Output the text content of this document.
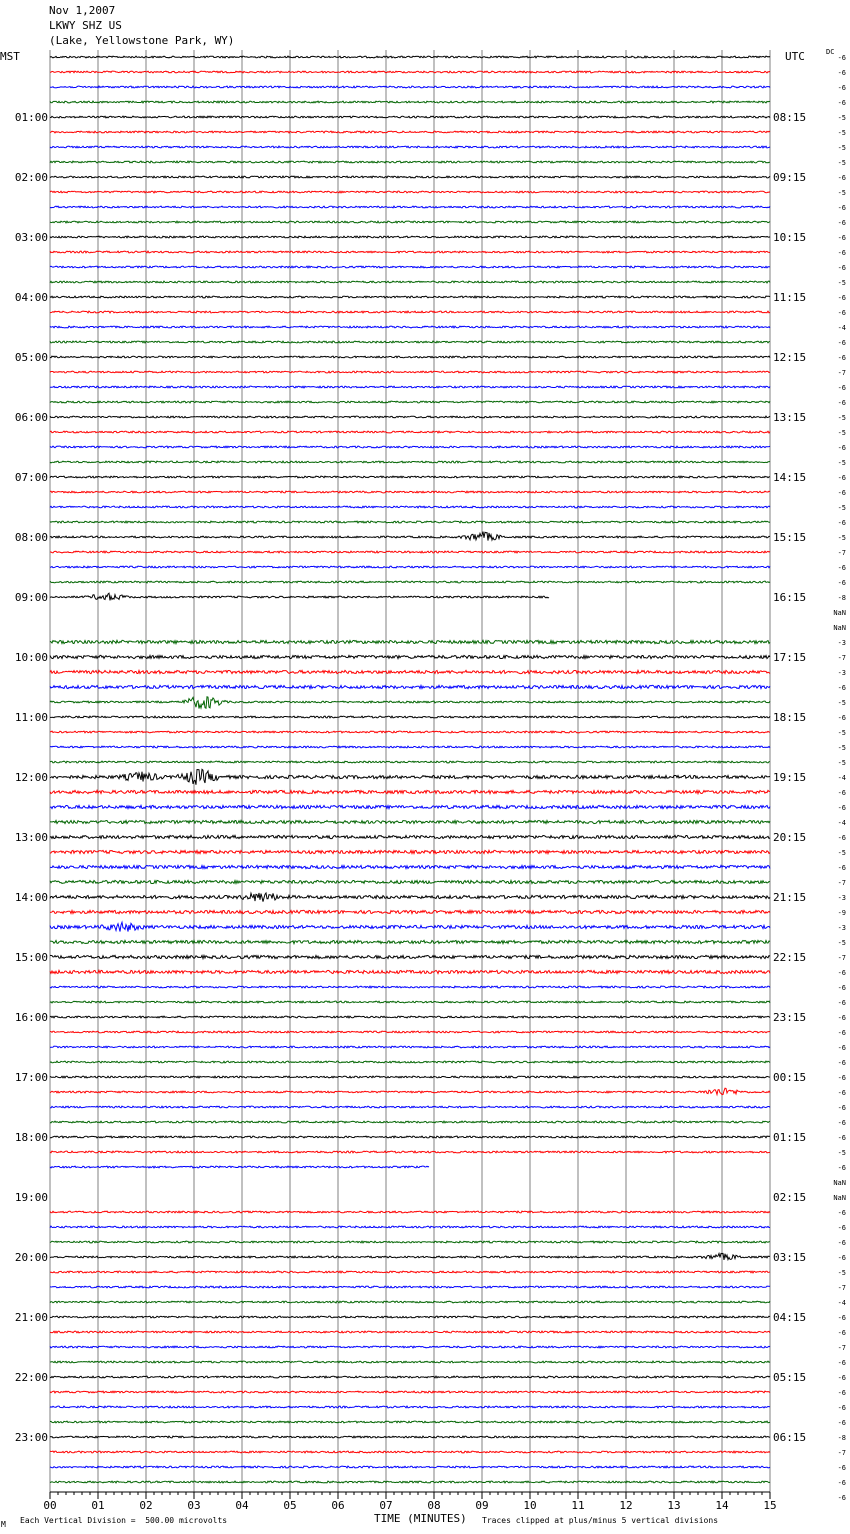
01:00
02:00
03:00
04:00
05:00
06:00
07:00
08:00
09:00
10:00
11:00
12:00
13:00
14:00
15:00
16:00
17:00
18:00
19:00
20:00
21:00
22:00
23:00
08:15
09:15
10:15
11:15
12:15
13:15
14:15
15:15
16:15
17:15
18:15
19:15
20:15
21:15
22:15
23:15
00:15
01:15
02:15
03:15
04:15
05:15
06:15
-6
-6
-6
-6
-5
-5
-5
-5
-6
-5
-6
-6
-6
-6
-6
-5
-6
-6
-4
-6
-6
-7
-6
-6
-5
-5
-6
-5
-6
-6
-5
-6
-5
-7
-6
-6
-8
NaN
NaN
-3
-7
-3
-6
-5
-6
-5
-5
-5
-4
-6
-6
-4
-6
-5
-6
-7
-3
-9
-3
-5
-7
-6
-6
-6
-6
-6
-6
-6
-6
-6
-6
-6
-6
-5
-6
NaN
NaN
-6
-6
-6
-6
-5
-7
-4
-6
-6
-7
-6
-6
-6
-6
-6
-8
-7
-6
-6
-6
00	01	02	03	04	05	06	07	08	09	10	11	12	13	14	15
Nov 1,2007
LKWY SHZ US
(Lake, Yellowstone Park, WY)
MST	UTC	DC
M Each Vertical Division =  500.00 microvolts	TIME (MINUTES) Traces clipped at plus/minus 5 vertical divisions
